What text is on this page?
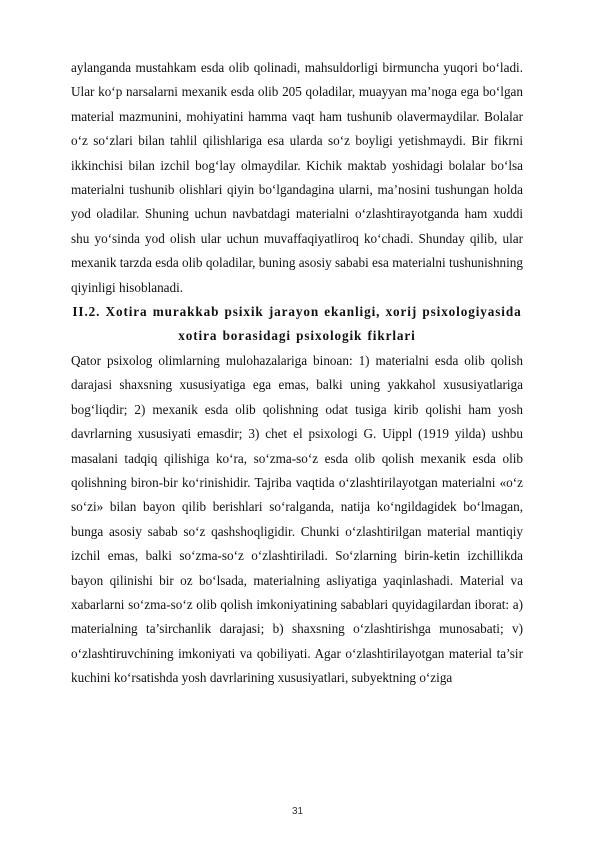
aylanganda mustahkam esda olib qolinadi, mahsuldorligi birmuncha yuqori bo‘ladi. Ular ko‘p narsalarni mexanik esda olib 205 qoladilar, muayyan ma’noga ega bo‘lgan material mazmunini, mohiyatini hamma vaqt ham tushunib olavermaydilar. Bolalar o‘z so‘zlari bilan tahlil qilishlariga esa ularda so‘z boyligi yetishmaydi. Bir fikrni ikkinchisi bilan izchil bog‘lay olmaydilar. Kichik maktab yoshidagi bolalar bo‘lsa materialni tushunib olishlari qiyin bo‘lgandagina ularni, ma’nosini tushungan holda yod oladilar. Shuning uchun navbatdagi materialni o‘zlashtirayotganda ham xuddi shu yo‘sinda yod olish ular uchun muvaffaqiyatliroq ko‘chadi. Shunday qilib, ular mexanik tarzda esda olib qoladilar, buning asosiy sababi esa materialni tushunishning qiyinligi hisoblanadi.

II.2. Xotira murakkab psixik jarayon ekanligi, xorij psixologiyasida
xotira borasidagi psixologik fikrlari

Qator psixolog olimlarning mulohazalariga binoan: 1) materialni esda olib qolish darajasi shaxsning xususiyatiga ega emas, balki uning yakkahol xususiyatlariga bog‘liqdir; 2) mexanik esda olib qolishning odat tusiga kirib qolishi ham yosh davrlarning xususiyati emasdir; 3) chet el psixologi G. Uippl (1919 yilda) ushbu masalani tadqiq qilishiga ko‘ra, so‘zma-so‘z esda olib qolish mexanik esda olib qolishning biron-bir ko‘rinishidir. Tajriba vaqtida o‘zlashtirilayotgan materialni «o‘z so‘zi» bilan bayon qilib berishlari so‘ralganda, natija ko‘ngildagidek bo‘lmagan, bunga asosiy sabab so‘z qashshoqligidir. Chunki o‘zlashtirilgan material mantiqiy izchil emas, balki so‘zma-so‘z o‘zlashtiriladi. So‘zlarning birin-ketin izchillikda bayon qilinishi bir oz bo‘lsada, materialning asliyatiga yaqinlashadi. Material va xabarlarni so‘zma-so‘z olib qolish imkoniyatining sabablari quyidagilardan iborat: a) materialning ta’sirchanlik darajasi; b) shaxsning o‘zlashtirishga munosabati; v) o‘zlashtiruvchining imkoniyati va qobiliyati. Agar o‘zlashtirilayotgan material ta’sir kuchini ko‘rsatishda yosh davrlarining xususiyatlari, subyektning o‘ziga

31
